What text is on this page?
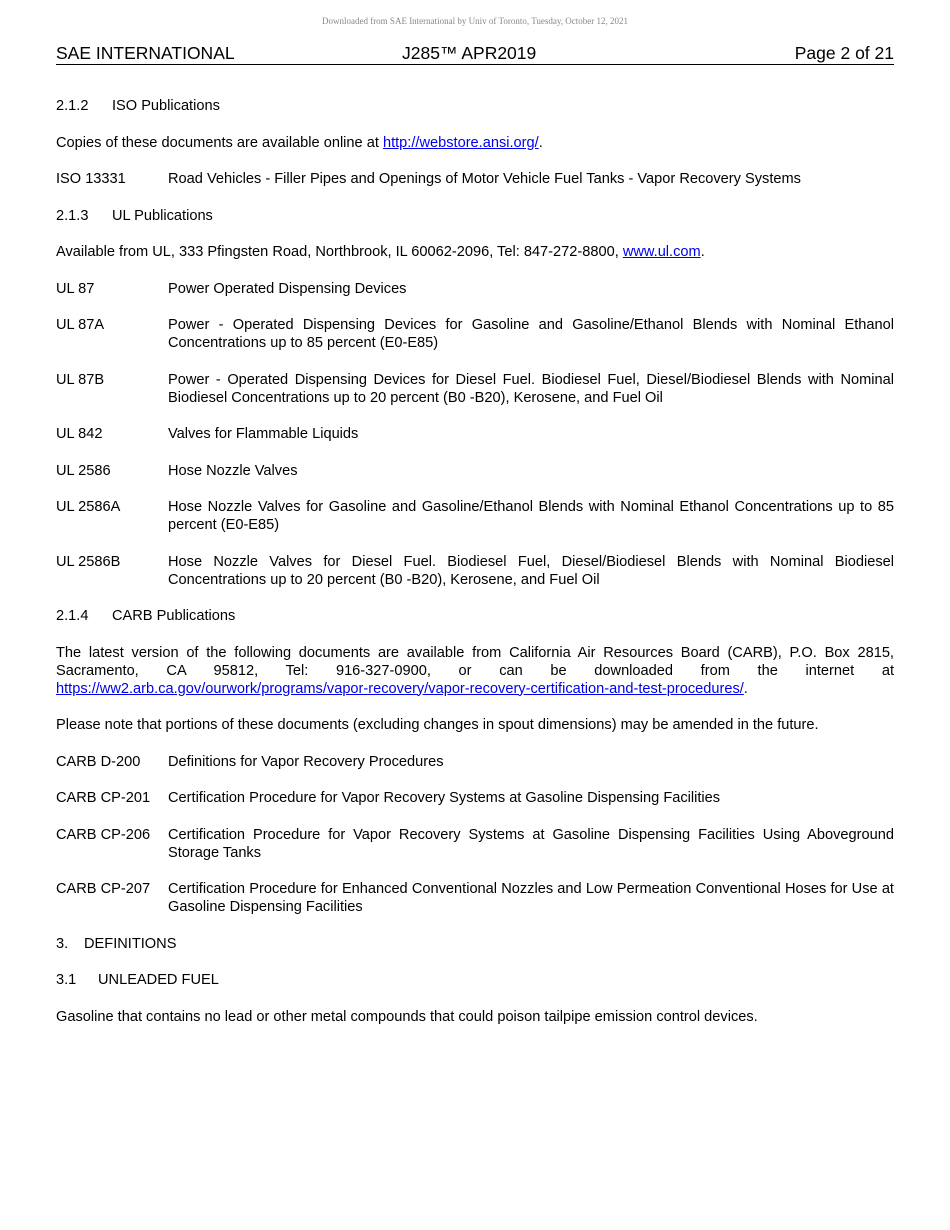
Downloaded from SAE International by Univ of Toronto, Tuesday, October 12, 2021
SAE INTERNATIONAL	J285™ APR2019	Page 2 of 21
2.1.2 ISO Publications

Copies of these documents are available online at http://webstore.ansi.org/.

ISO 13331	Road Vehicles - Filler Pipes and Openings of Motor Vehicle Fuel Tanks - Vapor Recovery Systems
2.1.3 UL Publications

Available from UL, 333 Pfingsten Road, Northbrook, IL 60062-2096, Tel: 847-272-8800, www.ul.com.

UL 87	Power Operated Dispensing Devices
UL 87A	Power - Operated Dispensing Devices for Gasoline and Gasoline/Ethanol Blends with Nominal Ethanol Concentrations up to 85 percent (E0-E85)
UL 87B	Power - Operated Dispensing Devices for Diesel Fuel. Biodiesel Fuel, Diesel/Biodiesel Blends with Nominal Biodiesel Concentrations up to 20 percent (B0 -B20), Kerosene, and Fuel Oil
UL 842	Valves for Flammable Liquids
UL 2586	Hose Nozzle Valves
UL 2586A	Hose Nozzle Valves for Gasoline and Gasoline/Ethanol Blends with Nominal Ethanol Concentrations up to 85 percent (E0-E85)
UL 2586B	Hose Nozzle Valves for Diesel Fuel. Biodiesel Fuel, Diesel/Biodiesel Blends with Nominal Biodiesel Concentrations up to 20 percent (B0 -B20), Kerosene, and Fuel Oil
2.1.4 CARB Publications

The latest version of the following documents are available from California Air Resources Board (CARB), P.O. Box 2815, Sacramento, CA 95812, Tel: 916-327-0900, or can be downloaded from the internet at https://ww2.arb.ca.gov/ourwork/programs/vapor-recovery/vapor-recovery-certification-and-test-procedures/.

Please note that portions of these documents (excluding changes in spout dimensions) may be amended in the future.

CARB D-200	Definitions for Vapor Recovery Procedures
CARB CP-201	Certification Procedure for Vapor Recovery Systems at Gasoline Dispensing Facilities
CARB CP-206	Certification Procedure for Vapor Recovery Systems at Gasoline Dispensing Facilities Using Aboveground Storage Tanks
CARB CP-207	Certification Procedure for Enhanced Conventional Nozzles and Low Permeation Conventional Hoses for Use at Gasoline Dispensing Facilities
3. DEFINITIONS
3.1 UNLEADED FUEL

Gasoline that contains no lead or other metal compounds that could poison tailpipe emission control devices.
